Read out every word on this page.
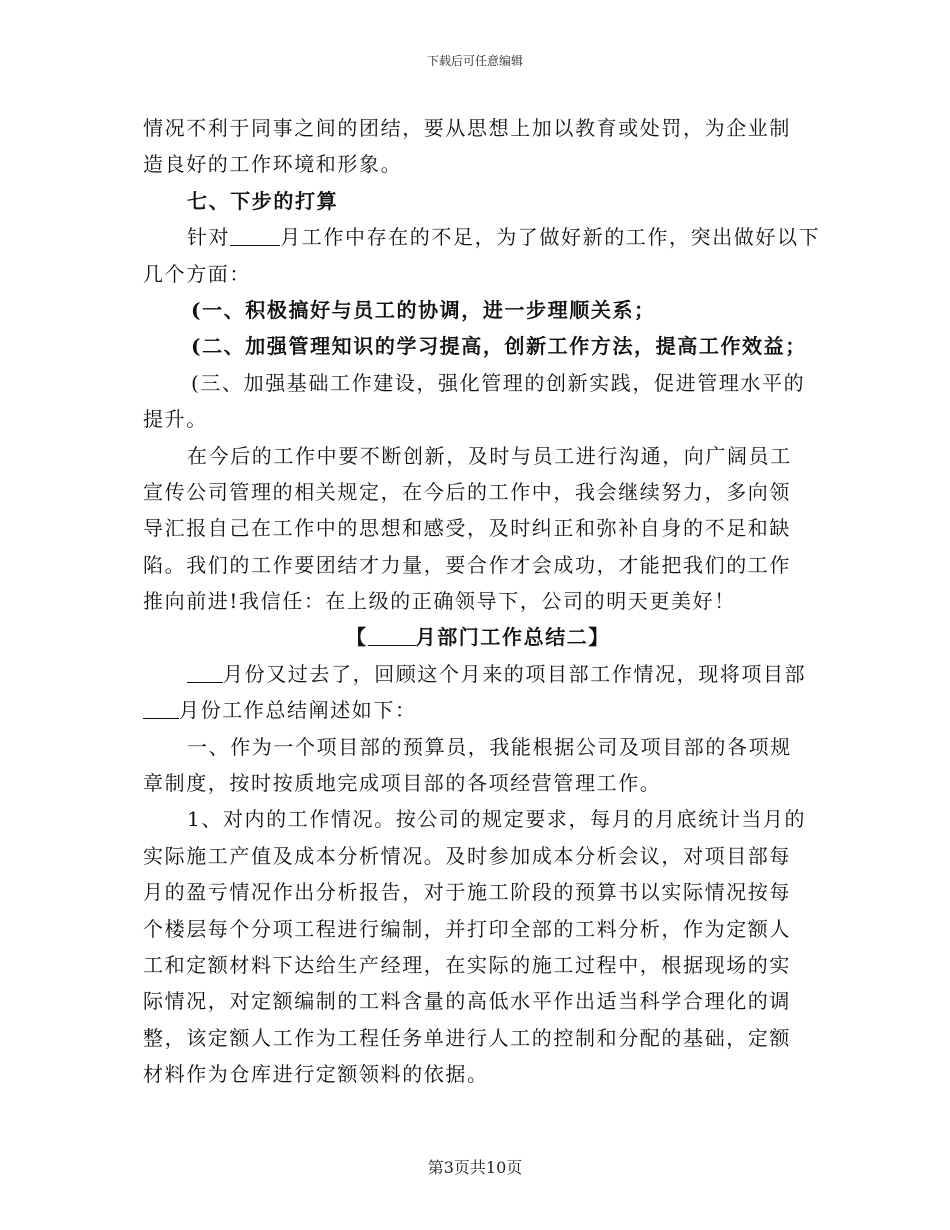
下载后可任意编辑
情况不利于同事之间的团结，要从思想上加以教育或处罚，为企业制
造良好的工作环境和形象。
七、下步的打算
针对	月工作中存在的不足，为了做好新的工作，突出做好以下
几个方面：
(一、积极搞好与员工的协调，进一步理顺关系；
(二、加强管理知识的学习提高，创新工作方法，提高工作效益；
(三、加强基础工作建设，强化管理的创新实践，促进管理水平的
提升。
在今后的工作中要不断创新，及时与员工进行沟通，向广阔员工
宣传公司管理的相关规定，在今后的工作中，我会继续努力，多向领
导汇报自己在工作中的思想和感受，及时纠正和弥补自身的不足和缺
陷。我们的工作要团结才力量，要合作才会成功，才能把我们的工作
推向前进!我信任：在上级的正确领导下，公司的明天更美好！
【 月部门工作总结二】
月份又过去了，回顾这个月来的项目部工作情况，现将项目部
月份工作总结阐述如下：
一、作为一个项目部的预算员，我能根据公司及项目部的各项规
章制度，按时按质地完成项目部的各项经营管理工作。
1、对内的工作情况。按公司的规定要求，每月的月底统计当月的
实际施工产值及成本分析情况。及时参加成本分析会议，对项目部每
月的盈亏情况作出分析报告，对于施工阶段的预算书以实际情况按每
个楼层每个分项工程进行编制，并打印全部的工料分析，作为定额人
工和定额材料下达给生产经理，在实际的施工过程中，根据现场的实
际情况，对定额编制的工料含量的高低水平作出适当科学合理化的调
整，该定额人工作为工程任务单进行人工的控制和分配的基础，定额
材料作为仓库进行定额领料的依据。
第3页共10页
